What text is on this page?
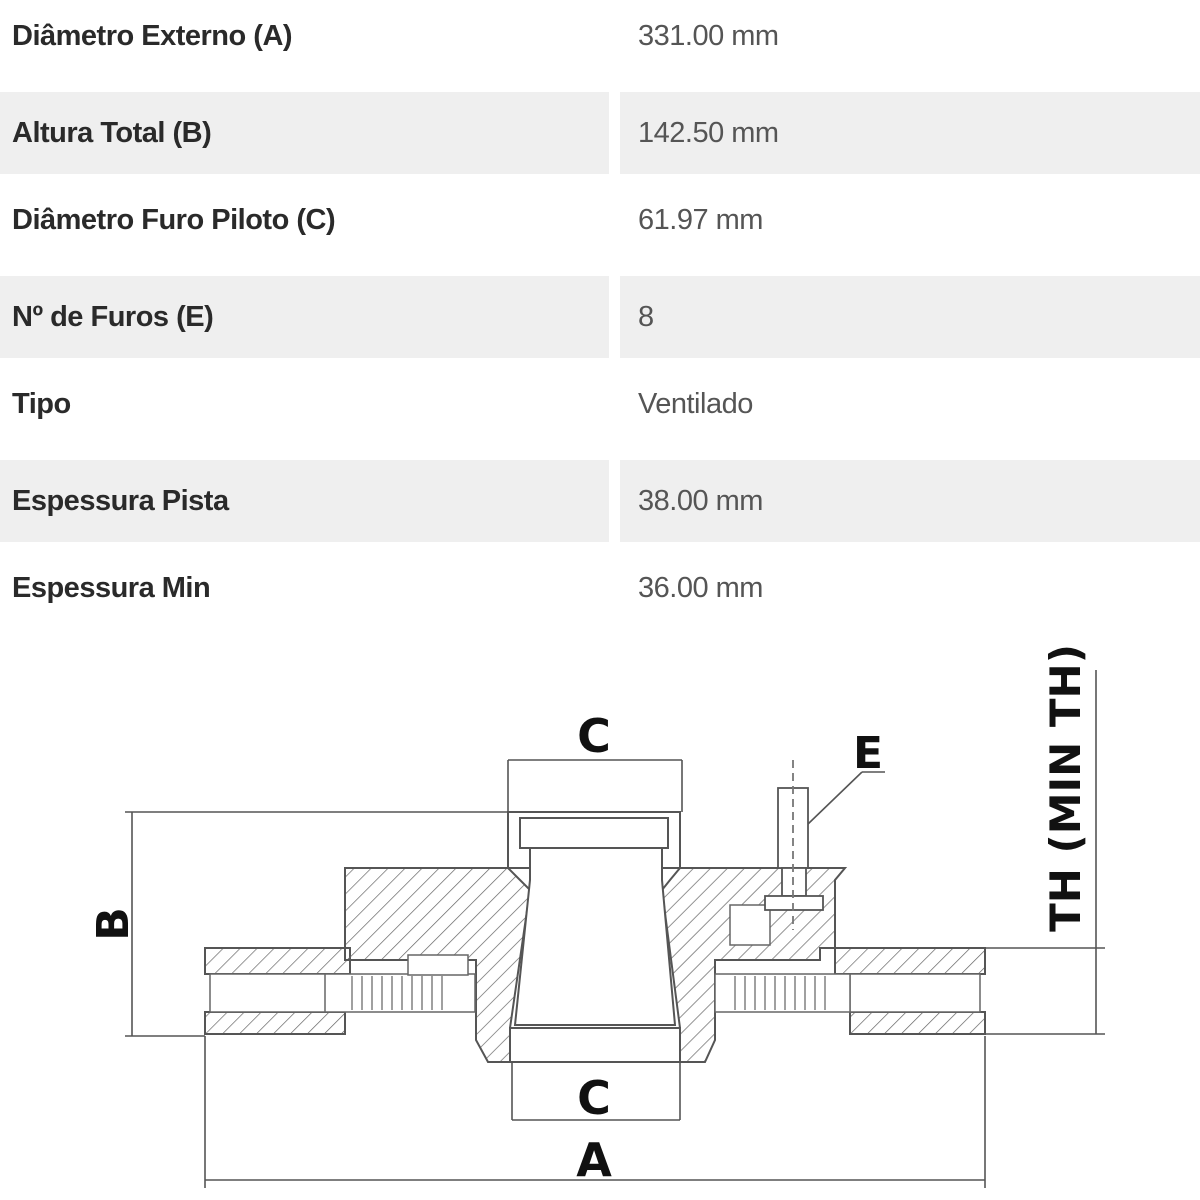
Diâmetro Externo (A)	331.00 mm
Altura Total (B)	142.50 mm
Diâmetro Furo Piloto (C)	61.97 mm
Nº de Furos (E)	8
Tipo	Ventilado
Espessura Pista	38.00 mm
Espessura Min	36.00 mm
C
C
A
E
B	TH (MIN TH)
